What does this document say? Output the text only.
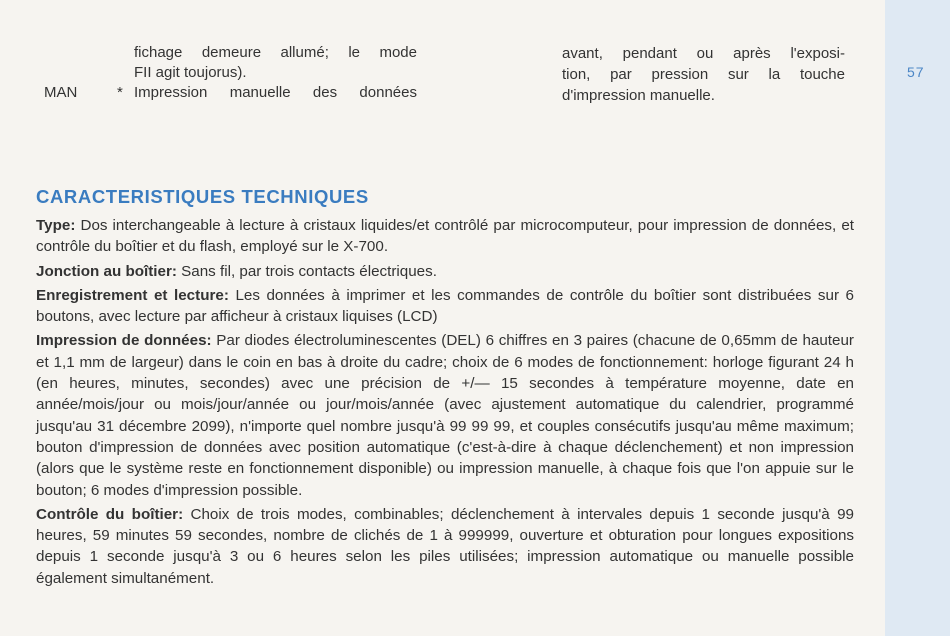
57
fichage demeure allumé; le mode
FII agit toujorus).
MAN	* Impression manuelle des données
avant, pendant ou après l'exposi-
tion, par pression sur la touche
d'impression manuelle.
CARACTERISTIQUES TECHNIQUES

Type: Dos interchangeable à lecture à cristaux liquides/et contrôlé par microcomputeur, pour impression de données, et contrôle du boîtier et du flash, employé sur le X-700.

Jonction au boîtier: Sans fil, par trois contacts électriques.

Enregistrement et lecture: Les données à imprimer et les commandes de contrôle du boîtier sont distribuées sur 6 boutons, avec lecture par afficheur à cristaux liquises (LCD)

Impression de données: Par diodes électroluminescentes (DEL) 6 chiffres en 3 paires (chacune de 0,65mm de hauteur et 1,1 mm de largeur) dans le coin en bas à droite du cadre; choix de 6 modes de fonctionnement: horloge figurant 24 h (en heures, minutes, secondes) avec une précision de +/— 15 secondes à température moyenne, date en année/mois/jour ou mois/jour/année ou jour/mois/année (avec ajustement automatique du calendrier, programmé jusqu'au 31 décembre 2099), n'importe quel nombre jusqu'à 99 99 99, et couples consécutifs jusqu'au même maximum; bouton d'impression de données avec position automatique (c'est-à-dire à chaque déclenchement) et non impression (alors que le système reste en fonctionnement disponible) ou impression manuelle, à chaque fois que l'on appuie sur le bouton; 6 modes d'impression possible.

Contrôle du boîtier: Choix de trois modes, combinables; déclenchement à intervales depuis 1 seconde jusqu'à 99 heures, 59 minutes 59 secondes, nombre de clichés de 1 à 999999, ouverture et obturation pour longues expositions depuis 1 seconde jusqu'à 3 ou 6 heures selon les piles utilisées; impression automatique ou manuelle possible également simultanément.
